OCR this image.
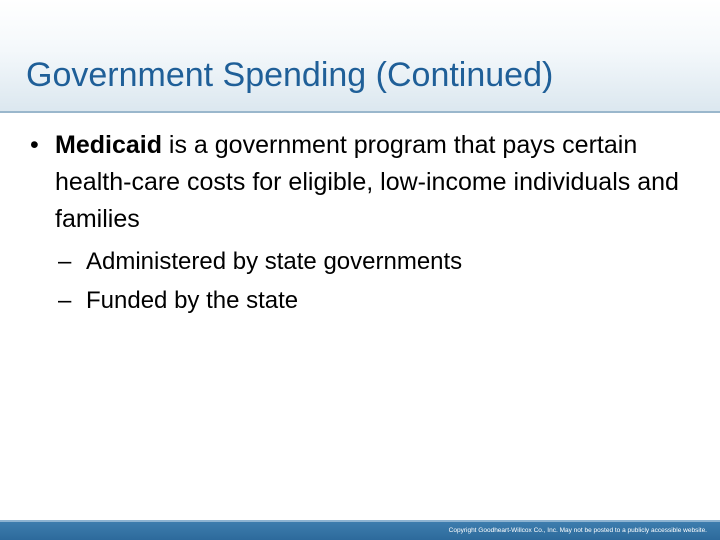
Government Spending (Continued)
• Medicaid is a government program that pays certain health-care costs for eligible, low-income individuals and families

– Administered by state governments
– Funded by the state

Copyright Goodheart-Willcox Co., Inc. May not be posted to a publicly accessible website.
